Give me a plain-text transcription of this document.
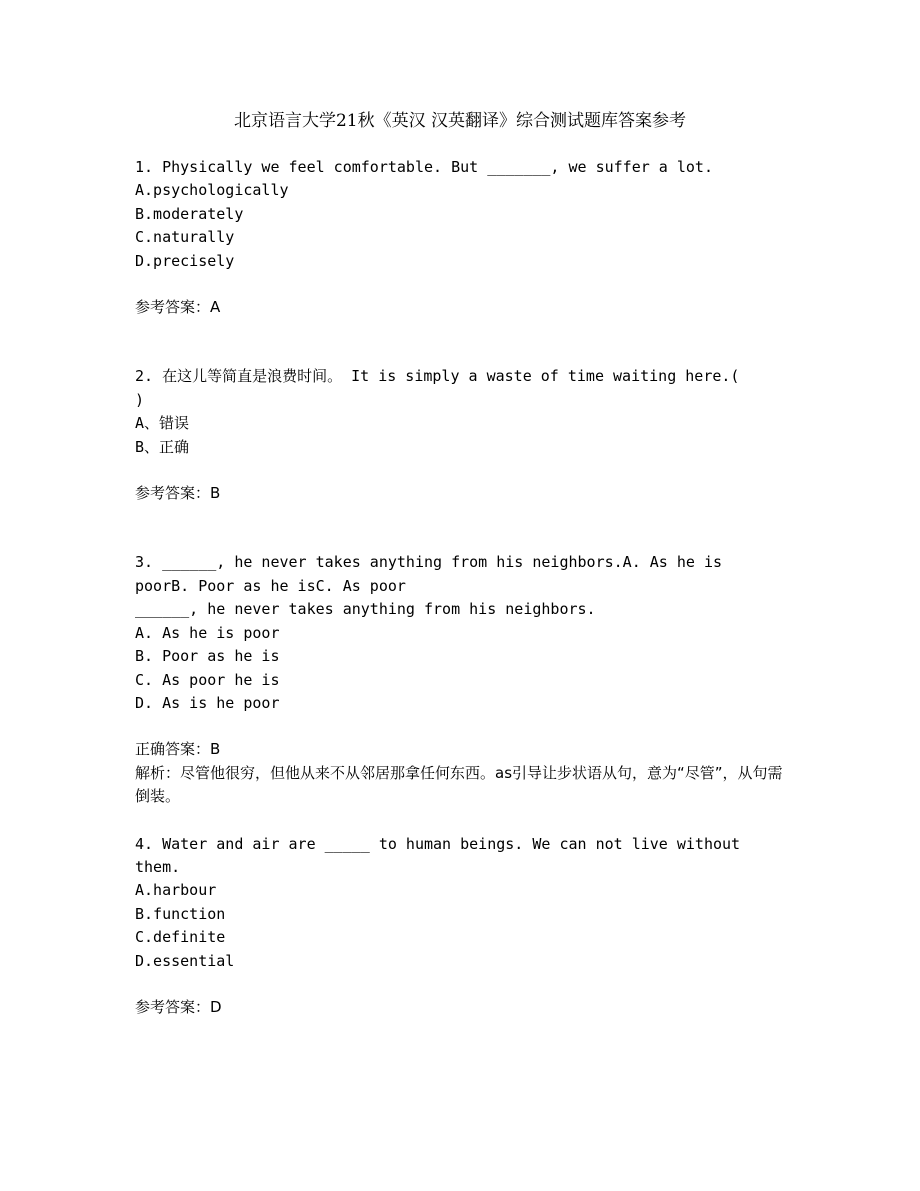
北京语言大学21秋《英汉 汉英翻译》综合测试题库答案参考
1. Physically we feel comfortable. But _______, we suffer a lot.
A.psychologically
B.moderately
C.naturally
D.precisely
参考答案：A
2. 在这儿等简直是浪费时间。 It is simply a waste of time waiting here.(
)
A、错误
B、正确
参考答案：B
3. ______, he never takes anything from his neighbors.A. As he is
poorB. Poor as he isC. As poor
______, he never takes anything from his neighbors.
A. As he is poor
B. Poor as he is
C. As poor he is
D. As is he poor
正确答案：B
解析：尽管他很穷，但他从来不从邻居那拿任何东西。as引导让步状语从句，意为“尽管”，从句需倒装。
4. Water and air are _____ to human beings. We can not live without
them.
A.harbour
B.function
C.definite
D.essential
参考答案：D
